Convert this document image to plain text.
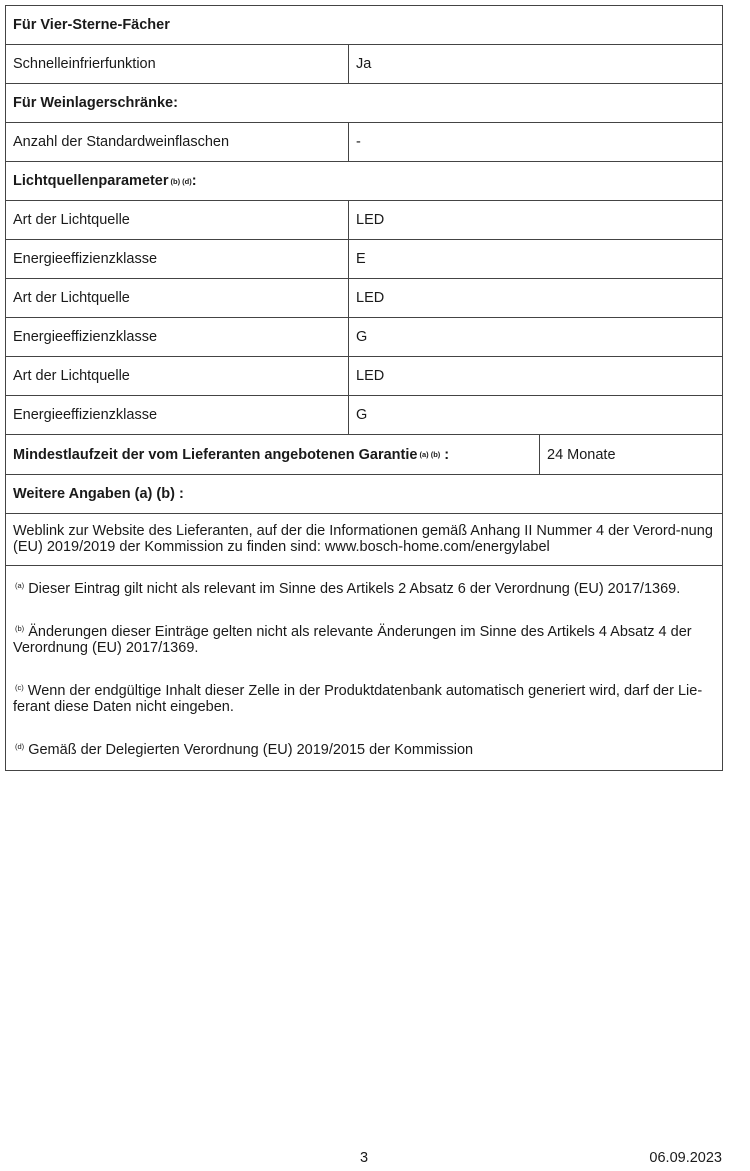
Für Vier-Sterne-Fächer
Schnelleinfrierfunktion	Ja
Für Weinlagerschränke:
Anzahl der Standardweinflaschen	-
Lichtquellenparameter (b) (d) :
Art der Lichtquelle	LED
Energieeffizienzklasse	E
Art der Lichtquelle	LED
Energieeffizienzklasse	G
Art der Lichtquelle	LED
Energieeffizienzklasse	G
Mindestlaufzeit der vom Lieferanten angebotenen Garantie (a) (b) :	24 Monate
Weitere Angaben (a) (b) :
Weblink zur Website des Lieferanten, auf der die Informationen gemäß Anhang II Nummer 4 der Verord-nung (EU) 2019/2019 der Kommission zu finden sind: www.bosch-home.com/energylabel
$^{(a)}$ Dieser Eintrag gilt nicht als relevant im Sinne des Artikels 2 Absatz 6 der Verordnung (EU) 2017/1369.
$^{(b)}$ Änderungen dieser Einträge gelten nicht als relevante Änderungen im Sinne des Artikels 4 Absatz 4 der Verordnung (EU) 2017/1369.
$^{(c)}$ Wenn der endgültige Inhalt dieser Zelle in der Produktdatenbank automatisch generiert wird, darf der Lie-ferant diese Daten nicht eingeben.
$^{(d)}$ Gemäß der Delegierten Verordnung (EU) 2019/2015 der Kommission
3	06.09.2023
